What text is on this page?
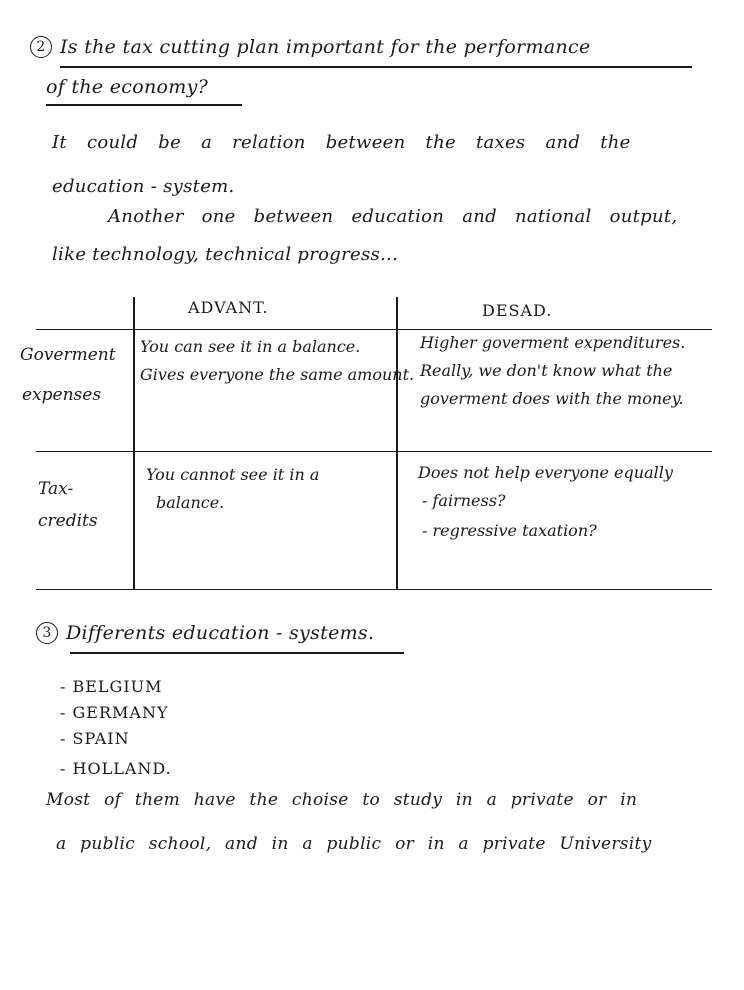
2 Is the tax cutting plan important for the performance
of the economy?
It could be a relation between the taxes and the
education - system.
Another one between education and national output,
like technology, technical progress...
ADVANT.	DESAD.
Goverment
expenses
You can see it in a balance.
Gives everyone the same amount.
Higher goverment expenditures.
Really, we don't know what the
goverment does with the money.
Tax-
credits
You cannot see it in a
balance.
Does not help everyone equally
- fairness?
- regressive taxation?
3 Differents education - systems.
- BELGIUM
- GERMANY
- SPAIN
- HOLLAND.
Most of them have the choise to study in a private or in
a public school, and in a public or in a private University
